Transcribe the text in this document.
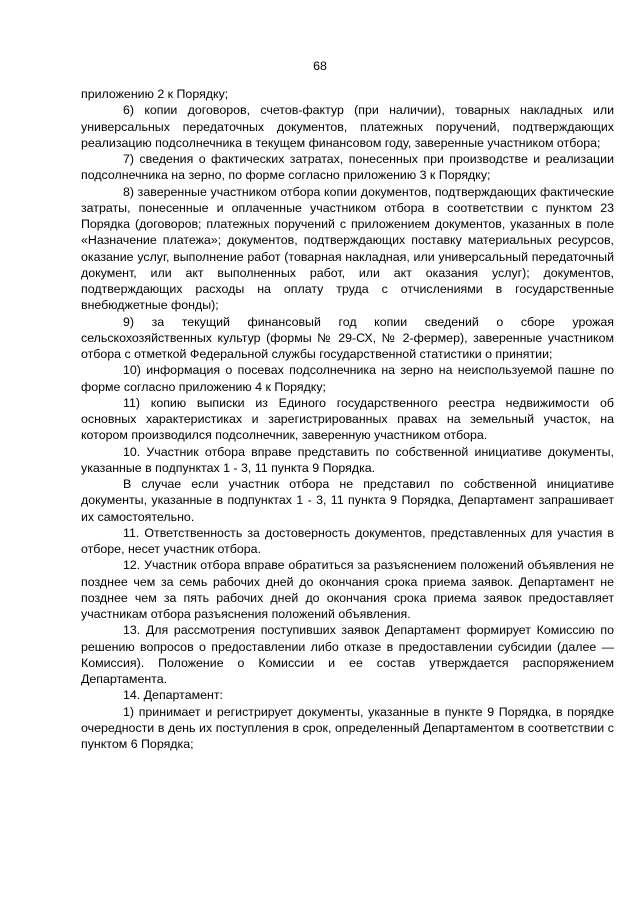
68

приложению 2 к Порядку;

6) копии договоров, счетов-фактур (при наличии), товарных накладных или универсальных передаточных документов, платежных поручений, подтверждающих реализацию подсолнечника в текущем финансовом году, заверенные участником отбора;

7) сведения о фактических затратах, понесенных при производстве и реализации подсолнечника на зерно, по форме согласно приложению 3 к Порядку;

8) заверенные участником отбора копии документов, подтверждающих фактические затраты, понесенные и оплаченные участником отбора в соответствии с пунктом 23 Порядка (договоров; платежных поручений с приложением документов, указанных в поле «Назначение платежа»; документов, подтверждающих поставку материальных ресурсов, оказание услуг, выполнение работ (товарная накладная, или универсальный передаточный документ, или акт выполненных работ, или акт оказания услуг); документов, подтверждающих расходы на оплату труда с отчислениями в государственные внебюджетные фонды);

9) за текущий финансовый год копии сведений о сборе урожая сельскохозяйственных культур (формы № 29-СХ, № 2-фермер), заверенные участником отбора с отметкой Федеральной службы государственной статистики о принятии;

10) информация о посевах подсолнечника на зерно на неиспользуемой пашне по форме согласно приложению 4 к Порядку;

11) копию выписки из Единого государственного реестра недвижимости об основных характеристиках и зарегистрированных правах на земельный участок, на котором производился подсолнечник, заверенную участником отбора.

10. Участник отбора вправе представить по собственной инициативе документы, указанные в подпунктах 1 - 3, 11 пункта 9 Порядка.

В случае если участник отбора не представил по собственной инициативе документы, указанные в подпунктах 1 - 3, 11 пункта 9 Порядка, Департамент запрашивает их самостоятельно.

11. Ответственность за достоверность документов, представленных для участия в отборе, несет участник отбора.

12. Участник отбора вправе обратиться за разъяснением положений объявления не позднее чем за семь рабочих дней до окончания срока приема заявок. Департамент не позднее чем за пять рабочих дней до окончания срока приема заявок предоставляет участникам отбора разъяснения положений объявления.

13. Для рассмотрения поступивших заявок Департамент формирует Комиссию по решению вопросов о предоставлении либо отказе в предоставлении субсидии (далее — Комиссия). Положение о Комиссии и ее состав утверждается распоряжением Департамента.

14. Департамент:

1) принимает и регистрирует документы, указанные в пункте 9 Порядка, в порядке очередности в день их поступления в срок, определенный Департаментом в соответствии с пунктом 6 Порядка;
